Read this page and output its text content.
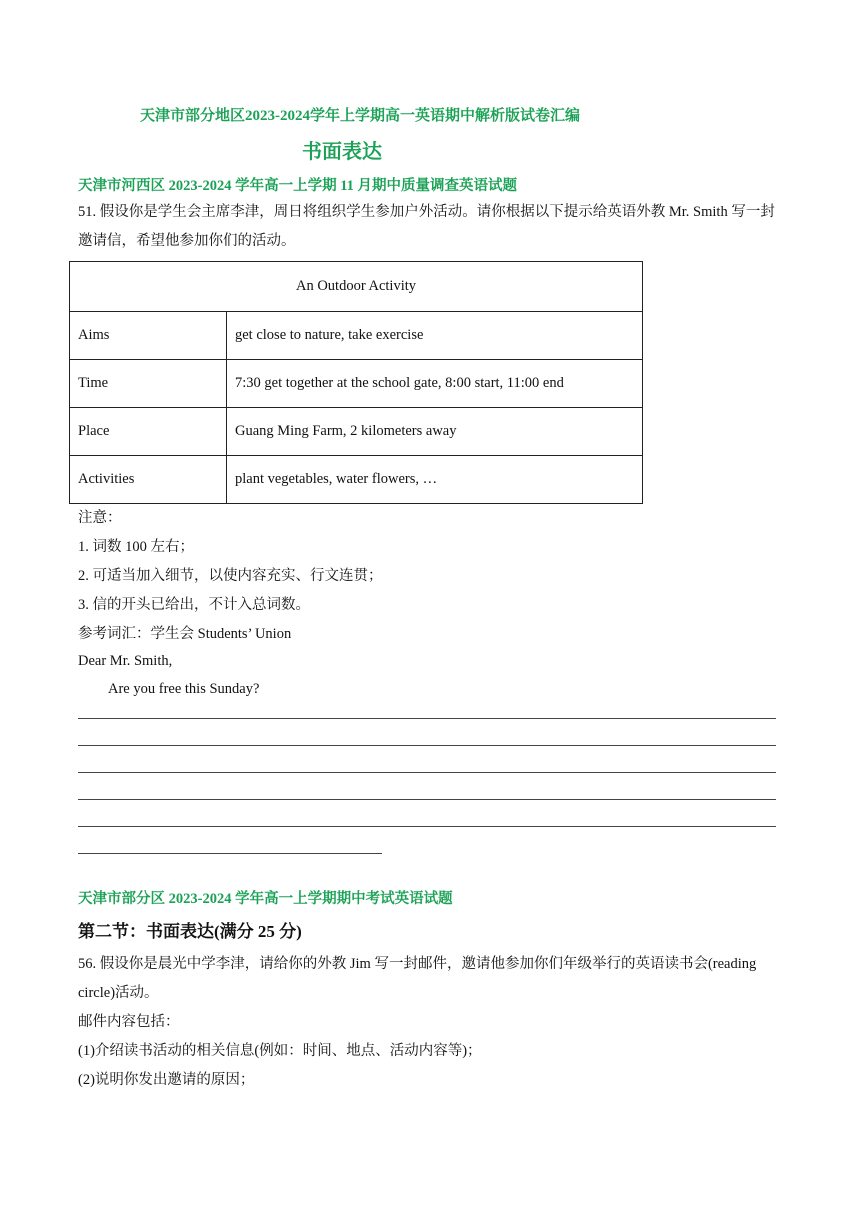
天津市部分地区2023-2024学年上学期高一英语期中解析版试卷汇编
书面表达
天津市河西区 2023-2024 学年高一上学期 11 月期中质量调查英语试题
51. 假设你是学生会主席李津，周日将组织学生参加户外活动。请你根据以下提示给英语外教 Mr. Smith 写一封邀请信，希望他参加你们的活动。
An Outdoor Activity	
Aims	get close to nature, take exercise
Time	7:30 get together at the school gate, 8:00 start, 11:00 end
Place	Guang Ming Farm, 2 kilometers away
Activities	plant vegetables, water flowers, …
注意：
1. 词数 100 左右；
2. 可适当加入细节，以使内容充实、行文连贯；
3. 信的开头已给出，不计入总词数。
参考词汇：学生会 Students’ Union
Dear Mr. Smith,
Are you free this Sunday?
天津市部分区 2023-2024 学年高一上学期期中考试英语试题
第二节：书面表达(满分 25 分)
56. 假设你是晨光中学李津，请给你的外教 Jim 写一封邮件，邀请他参加你们年级举行的英语读书会(reading circle)活动。
邮件内容包括：
(1)介绍读书活动的相关信息(例如：时间、地点、活动内容等)；
(2)说明你发出邀请的原因；
